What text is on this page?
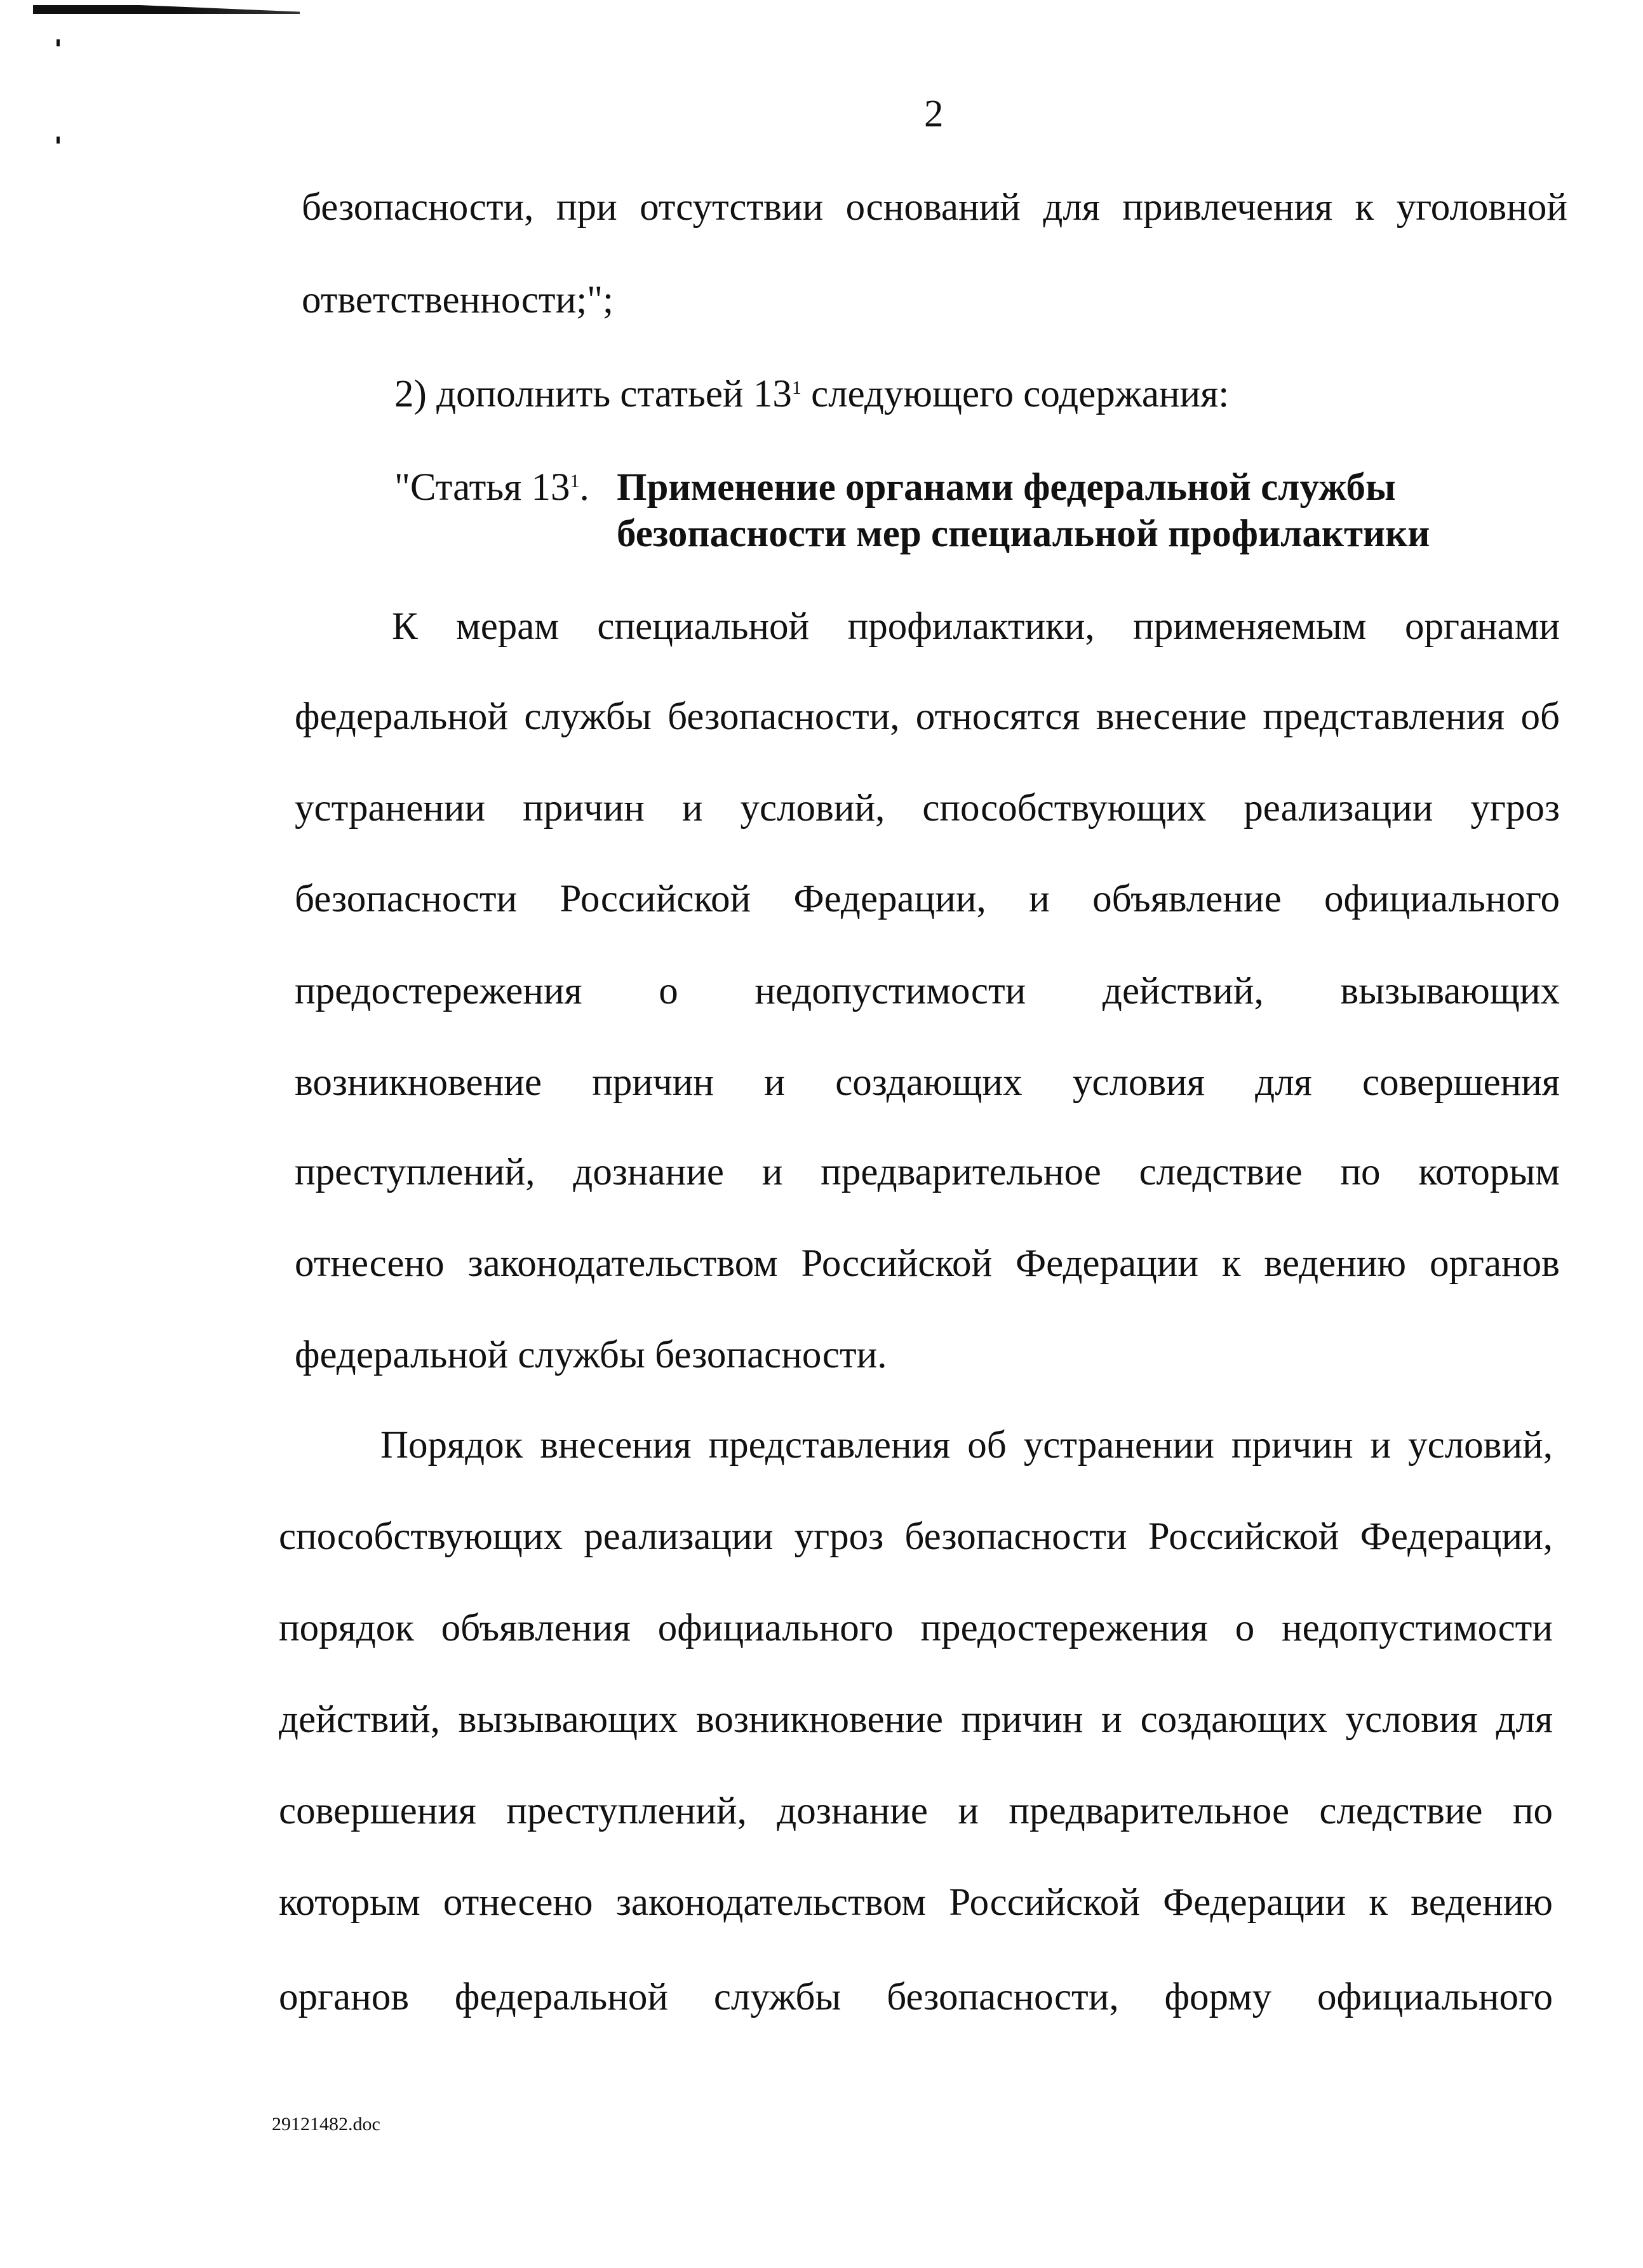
2
безопасности, при отсутствии оснований для привлечения к уголовной
ответственности;";
2) дополнить статьей $13^1$ следующего содержания:
"Статья $13^1$. Применение органами федеральной службы
безопасности мер специальной профилактики
К мерам специальной профилактики, применяемым органами
федеральной службы безопасности, относятся внесение представления об
устранении причин и условий, способствующих реализации угроз
безопасности Российской Федерации, и объявление официального
предостережения о недопустимости действий, вызывающих
возникновение причин и создающих условия для совершения
преступлений, дознание и предварительное следствие по которым
отнесено законодательством Российской Федерации к ведению органов
федеральной службы безопасности.
Порядок внесения представления об устранении причин и условий,
способствующих реализации угроз безопасности Российской Федерации,
порядок объявления официального предостережения о недопустимости
действий, вызывающих возникновение причин и создающих условия для
совершения преступлений, дознание и предварительное следствие по
которым отнесено законодательством Российской Федерации к ведению
органов федеральной службы безопасности, форму официального
29121482.doc
